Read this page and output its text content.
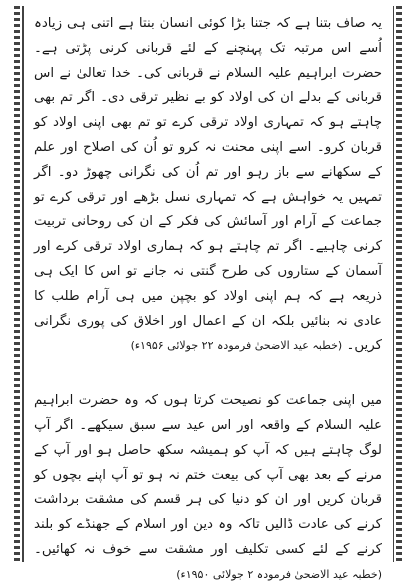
یہ صاف بتنا ہے کہ جتنا بڑا کوئی انسان بنتا ہے اتنی ہی زیادہ اُسے اس مرتبہ تک پہنچنے کے لئے قربانی کرنی پڑتی ہے۔ حضرت ابراہیم علیہ السلام نے قربانی کی۔ خدا تعالیٰ نے اس قربانی کے بدلے ان کی اولاد کو بے نظیر ترقی دی۔ اگر تم بھی چاہتے ہو کہ تمہاری اولاد ترقی کرے تو تم بھی اپنی اولاد کو قربان کرو۔ اسے اپنی محنت نہ کرو تو اُن کی اصلاح اور علم کے سکھانے سے باز رہو اور تم اُن کی نگرانی چھوڑ دو۔ اگر تمہیں یہ خواہش ہے کہ تمہاری نسل بڑھے اور ترقی کرے تو جماعت کے آرام اور آسائش کی فکر کے ان کی روحانی تربیت کرنی چاہیے۔ اگر تم چاہتے ہو کہ ہماری اولاد ترقی کرے اور آسمان کے ستاروں کی طرح گنتی نہ جانے تو اس کا ایک ہی ذریعہ ہے کہ ہم اپنی اولاد کو بچپن میں ہی آرام طلب کا عادی نہ بنائیں بلکہ ان کے اعمال اور اخلاق کی پوری نگرانی کریں۔ (خطبہ عید الاضحیٰ فرمودہ ۲۲ جولائی ۱۹۵۶ء)

میں اپنی جماعت کو نصیحت کرتا ہوں کہ وہ حضرت ابراہیم علیہ السلام کے واقعہ اور اس عید سے سبق سیکھے۔ اگر آپ لوگ چاہتے ہیں کہ آپ کو ہمیشہ سکھ حاصل ہو اور آپ کے مرنے کے بعد بھی آپ کی بیعت ختم نہ ہو تو آپ اپنے بچوں کو قربان کریں اور ان کو دنیا کی ہر قسم کی مشقت برداشت کرنے کی عادت ڈالیں تاکہ وہ دین اور اسلام کے جھنڈے کو بلند کرنے کے لئے کسی تکلیف اور مشقت سے خوف نہ کھائیں۔ (خطبہ عید الاضحیٰ فرمودہ ۲ جولائی ۱۹۵۰ء)
